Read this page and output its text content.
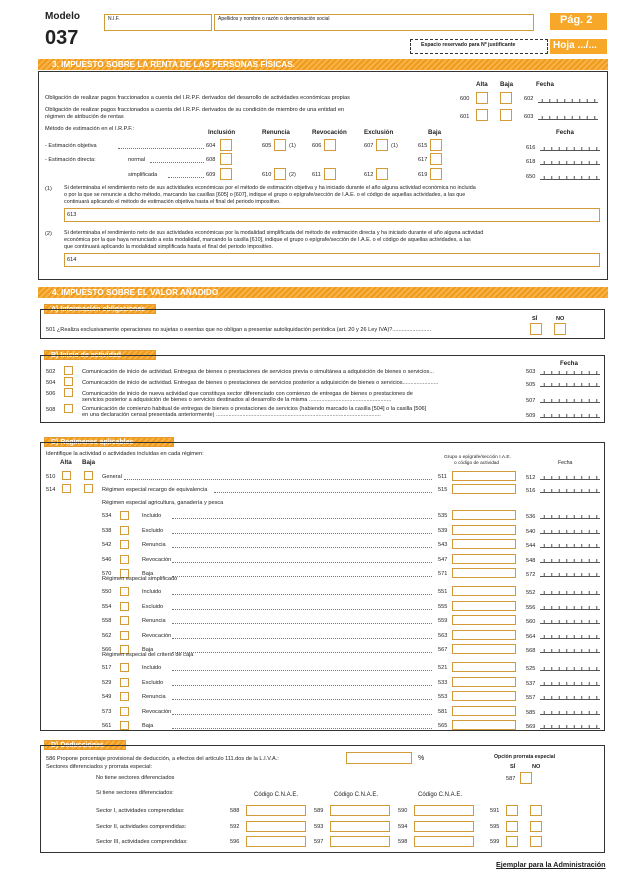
Modelo
037
N.I.F.	Apellidos y nombre o razón o denominación social	Pág. 2
Espacio reservado para Nº justificante	Hoja .../...
3. IMPUESTO SOBRE LA RENTA DE LAS PERSONAS FÍSICAS.
Alta Baja	Fecha
Obligación de realizar pagos fraccionados a cuenta del I.R.P.F. derivados del desarrollo de actividades económicas propias	600	602
Obligación de realizar pagos fraccionados a cuenta del I.R.P.F. derivados de su condición de miembro de una entidad en
régimen de atribución de rentas	601	603
Método de estimación en el I.R.P.F.:	Inclusión	Renuncia	Revocación	Exclusión	Baja	Fecha
- Estimación objetiva	604	605	(1)	606	607	(1)	615	616
- Estimación directa:	normal	608	617	618
simplificada	609	610	(2)	611	612	619	650
(1) Si determinaba el rendimiento neto de sus actividades económicas por el método de estimación objetiva y ha iniciado durante el año alguna actividad económica no incluida
o por la que se renuncie a dicho método, marcando las casillas [605] o [607], indique el grupo o epígrafe/sección de I.A.E. o el código de aquellas actividades, a las que
continuará aplicando el método de estimación objetiva hasta el final del periodo impositivo.
613
(2) Si determinaba el rendimiento neto de sus actividades económicas por la modalidad simplificada del método de estimación directa y ha iniciado durante el año alguna actividad
económica por la que haya renunciado a esta modalidad, marcando la casilla [610], indique el grupo o epígrafe/sección de I.A.E. o el código de aquellas actividades, a las
que continuará aplicando la modalidad simplificada hasta el final del periodo impositivo.
614
4. IMPUESTO SOBRE EL VALOR AÑADIDO
A) Información obligaciones
SÍ	NO
501 ¿Realiza exclusivamente operaciones no sujetas o exentas que no obligan a presentar autoliquidación periódica (art. 20 y 26 Ley IVA)?.........................
B) Inicio de actividad
Fecha
502	Comunicación de inicio de actividad. Entregas de bienes o prestaciones de servicios previa o simultánea a adquisición de bienes o servicios...	503
504	Comunicación de inicio de actividad. Entregas de bienes o prestaciones de servicios posterior a adquisición de bienes o servicios.......................	505
506	Comunicación de inicio de nueva actividad que constituya sector diferenciado con comienzo de entregas de bienes o prestaciones de
servicios posterior a adquisición de bienes o servicios destinados al desarrollo de la misma .....................................................	507
508	Comunicación de comienzo habitual de entregas de bienes o prestaciones de servicios (habiendo marcado la casilla [504] o la casilla [506]
en una declaración censal presentada anteriormente) ..........................................................................................................	509
C) Regímenes aplicables
Identifique la actividad o actividades incluidas en cada régimen:
Alta Baja
Grupo o epígrafe/sección I.A.E.
o código de actividad	Fecha
510	General	511	512
514	Régimen especial recargo de equivalencia	515	516
Régimen especial agricultura, ganadería y pesca
534	Incluido	535	536
538	Excluido	539	540
542	Renuncia	543	544
546	Revocación	547	548
570	Baja	571	572
Régimen especial simplificado
550	Incluido	551	552
554	Excluido	555	556
558	Renuncia	559	560
562	Revocación	563	564
566	Baja	567	568
Régimen especial del criterio de caja
517	Incluido	521	525
529	Excluido	533	537
549	Renuncia	553	557
573	Revocación	581	585
561	Baja	565	569
D) Deducciones
586 Propone porcentaje provisional de deducción, a efectos del artículo 111.dos de la L.I.V.A.:	%	Opción prorrata especial
Sectores diferenciados y prorrata especial:	SÍ	NO
No tiene sectores diferenciados	587
Si tiene sectores diferenciados:	Código C.N.A.E.	Código C.N.A.E.	Código C.N.A.E.
Sector I, actividades comprendidas:	588	589	590	591
Sector II, actividades comprendidas:	592	593	594	595
Sector III, actividades comprendidas:	596	597	598	599
Ejemplar para la Administración
